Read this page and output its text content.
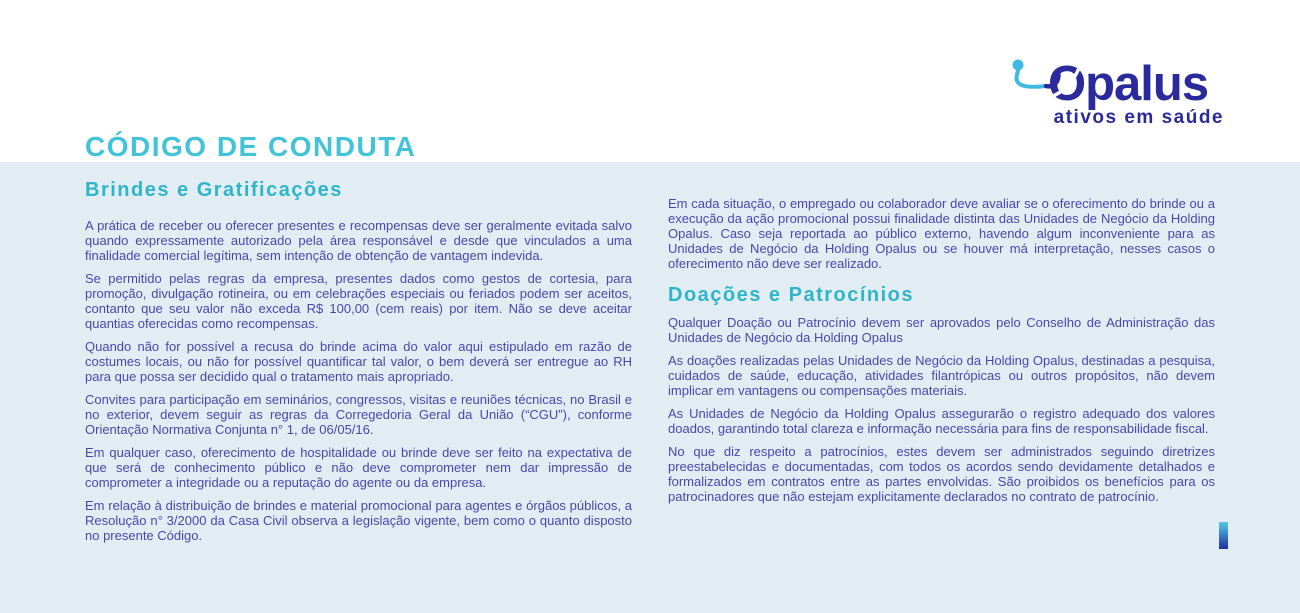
Opalus
ativos em saúde
CÓDIGO DE CONDUTA
Brindes e Gratificações

A prática de receber ou oferecer presentes e recompensas deve ser geralmente evitada salvo quando expressamente autorizado pela área responsável e desde que vinculados a uma finalidade comercial legítima, sem intenção de obtenção de vantagem indevida.

Se permitido pelas regras da empresa, presentes dados como gestos de cortesia, para promoção, divulgação rotineira, ou em celebrações especiais ou feriados podem ser aceitos, contanto que seu valor não exceda R$ 100,00 (cem reais) por item. Não se deve aceitar quantias oferecidas como recompensas.

Quando não for possível a recusa do brinde acima do valor aqui estipulado em razão de costumes locais, ou não for possível quantificar tal valor, o bem deverá ser entregue ao RH para que possa ser decidido qual o tratamento mais apropriado.

Convites para participação em seminários, congressos, visitas e reuniões técnicas, no Brasil e no exterior, devem seguir as regras da Corregedoria Geral da União (“CGU”), conforme Orientação Normativa Conjunta n° 1, de 06/05/16.

Em qualquer caso, oferecimento de hospitalidade ou brinde deve ser feito na expectativa de que será de conhecimento público e não deve comprometer nem dar impressão de comprometer a integridade ou a reputação do agente ou da empresa.

Em relação à distribuição de brindes e material promocional para agentes e órgãos públicos, a Resolução n° 3/2000 da Casa Civil observa a legislação vigente, bem como o quanto disposto no presente Código.

Em cada situação, o empregado ou colaborador deve avaliar se o oferecimento do brinde ou a execução da ação promocional possui finalidade distinta das Unidades de Negócio da Holding Opalus. Caso seja reportada ao público externo, havendo algum inconveniente para as Unidades de Negócio da Holding Opalus ou se houver má interpretação, nesses casos o oferecimento não deve ser realizado.

Doações e Patrocínios

Qualquer Doação ou Patrocínio devem ser aprovados pelo Conselho de Administração das Unidades de Negócio da Holding Opalus

As doações realizadas pelas Unidades de Negócio da Holding Opalus, destinadas a pesquisa, cuidados de saúde, educação, atividades filantrópicas ou outros propósitos, não devem implicar em vantagens ou compensações materiais.

As Unidades de Negócio da Holding Opalus assegurarão o registro adequado dos valores doados, garantindo total clareza e informação necessária para fins de responsabilidade fiscal.

No que diz respeito a patrocínios, estes devem ser administrados seguindo diretrizes preestabelecidas e documentadas, com todos os acordos sendo devidamente detalhados e formalizados em contratos entre as partes envolvidas. São proibidos os benefícios para os patrocinadores que não estejam explicitamente declarados no contrato de patrocínio.
